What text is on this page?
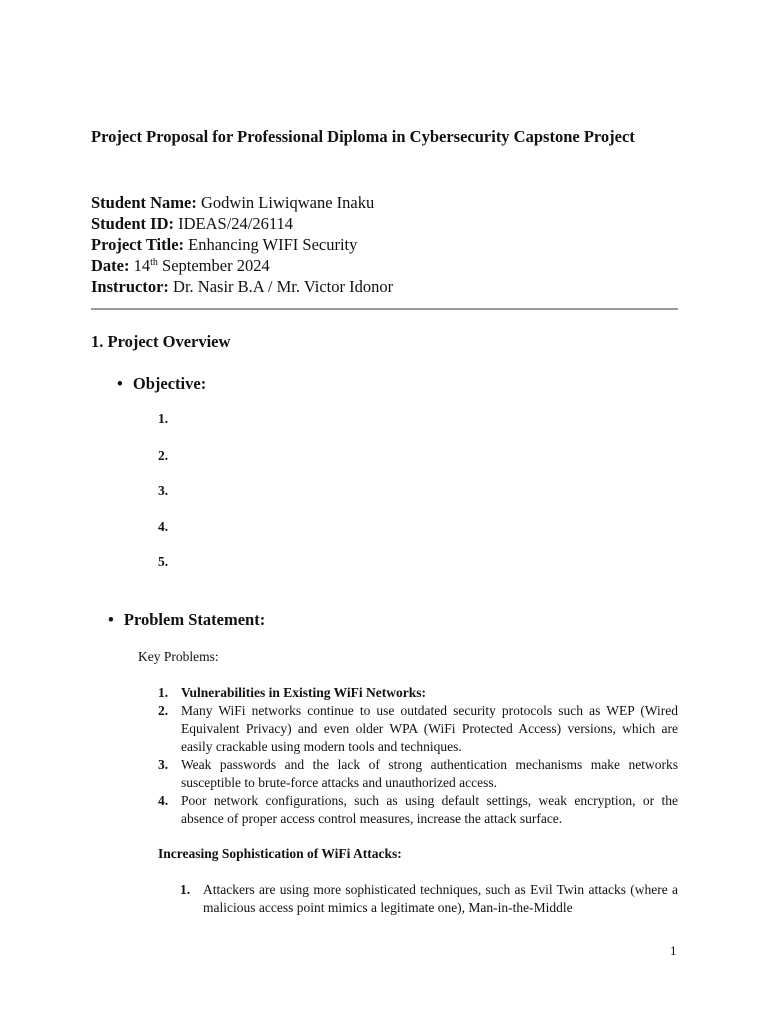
Project Proposal for Professional Diploma in Cybersecurity Capstone Project
Student Name: Godwin Liwiqwane Inaku
Student ID: IDEAS/24/26114
Project Title: Enhancing WIFI Security
Date: 14th September 2024
Instructor: Dr. Nasir B.A / Mr. Victor Idonor
1. Project Overview
• Objective:
1.
2.
3.
4.
5.
• Problem Statement:
Key Problems:
1. Vulnerabilities in Existing WiFi Networks:
2. Many WiFi networks continue to use outdated security protocols such as WEP (Wired Equivalent Privacy) and even older WPA (WiFi Protected Access) versions, which are easily crackable using modern tools and techniques.
3. Weak passwords and the lack of strong authentication mechanisms make networks susceptible to brute-force attacks and unauthorized access.
4. Poor network configurations, such as using default settings, weak encryption, or the absence of proper access control measures, increase the attack surface.
Increasing Sophistication of WiFi Attacks:
1. Attackers are using more sophisticated techniques, such as Evil Twin attacks (where a malicious access point mimics a legitimate one), Man-in-the-Middle
1
